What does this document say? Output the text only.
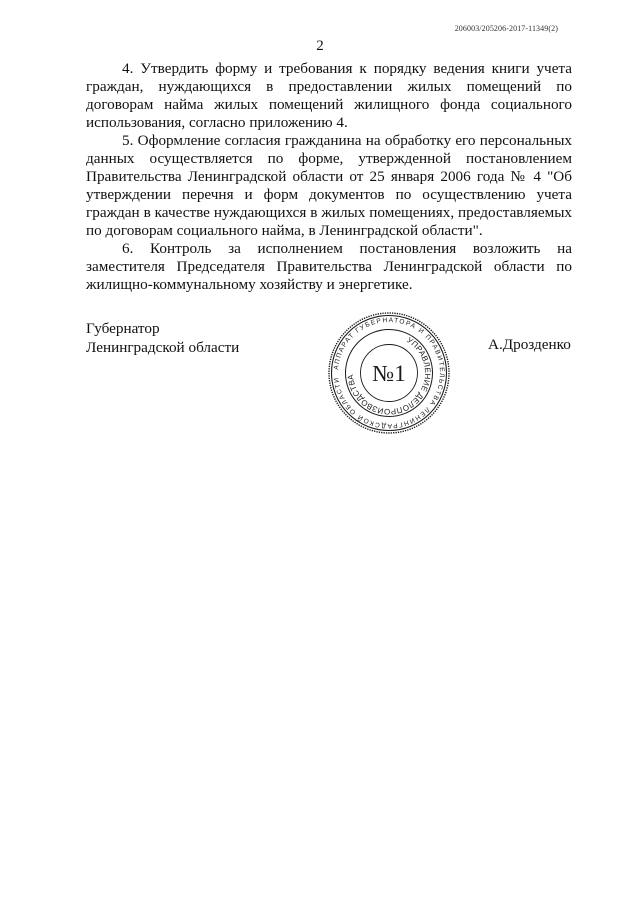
206003/205206-2017-11349(2)
2

4. Утвердить форму и требования к порядку ведения книги учета граждан, нуждающихся в предоставлении жилых помещений по договорам найма жилых помещений жилищного фонда социального использования, согласно приложению 4.

5. Оформление согласия гражданина на обработку его персональных данных осуществляется по форме, утвержденной постановлением Правительства Ленинградской области от 25 января 2006 года № 4 "Об утверждении перечня и форм документов по осуществлению учета граждан в качестве нуждающихся в жилых помещениях, предоставляемых по договорам социального найма, в Ленинградской области".

6. Контроль за исполнением постановления возложить на заместителя Председателя Правительства Ленинградской области по жилищно-коммунальному хозяйству и энергетике.

Губернатор
Ленинградской области	А.Дрозденко
АППАРАТ ГУБЕРНАТОРА И ПРАВИТЕЛЬСТВА ЛЕНИНГРАДСКОЙ ОБЛАСТИ
УПРАВЛЕНИЕ ДЕЛОПРОИЗВОДСТВА №1
